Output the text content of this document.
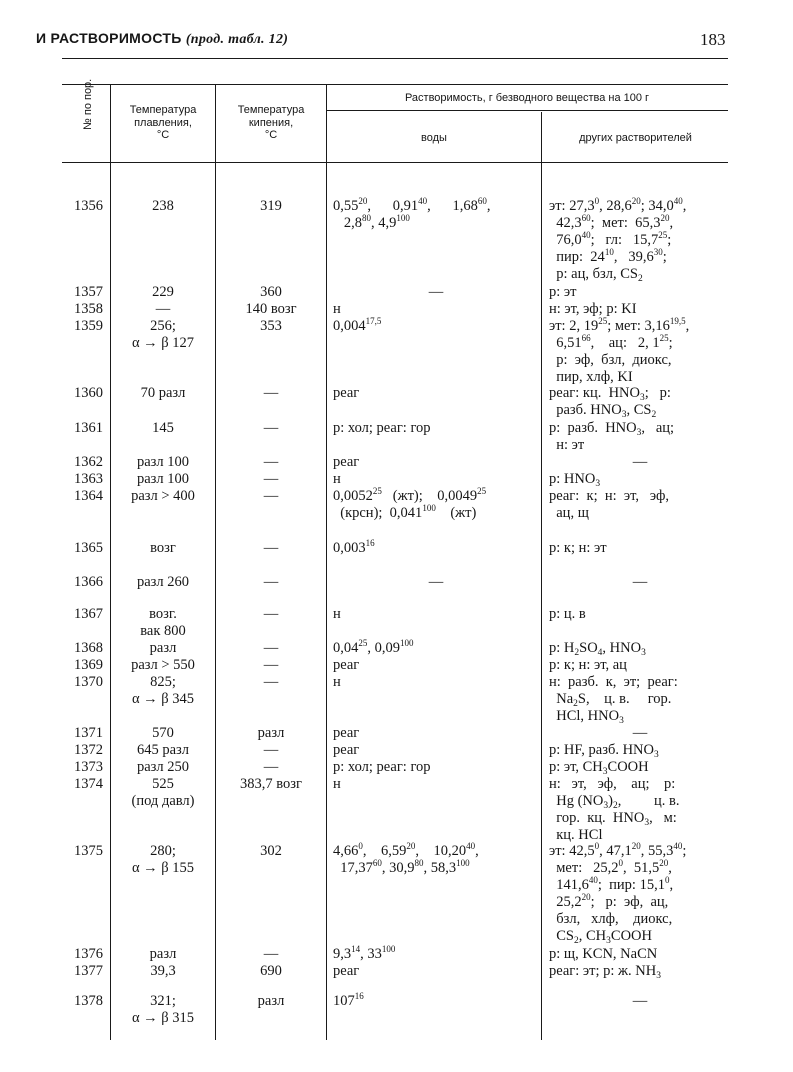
И РАСТВОРИМОСТЬ (прод. табл. 12)	183
№ по пор.	Температура
плавления,
°С
Температура
кипения,
°С
Растворимость, г безводного вещества на 100 г
воды	других растворителей
1356	238	319	0,55$^{20}$,      0,91$^{40}$,      1,68$^{60}$,
$2,8^{80}$, $4,9^{100}$
эт: 27,3$^0$, 28,6$^{20}$; 34,0$^{40}$,
42,3$^{60}$;  мет:  65,3$^{20}$,
76,0$^{40}$;   гл:   15,7$^{25}$;
пир:  $24^{10}$,   39,6$^{30}$;
р: ац, бзл, $CS_2$
1357	229	360	—	р: эт
1358	—	140 возг	н	н: эт, эф; р: KI
1359	256;
α → β 127
353	0,004$^{17,5}$	эт: 2, $19^{25}$; мет: 3,16$^{19,5}$,
6,51$^{66}$,    ац:   2, $1^{25}$;
р:  эф,  бзл,  диокс,
пир, хлф, KI
1360	70 разл	—	реаг	реаг: кц.  $HNO_3$;   р:
разб. $HNO_3$, $CS_2$
1361	145	—	р: хол; реаг: гор	р:  разб.  $HNO_3$,   ац;
н: эт
1362	разл 100	—	реаг	—
1363	разл 100	—	н	р: $HNO_3$
1364	разл > 400	—	0,0052$^{25}$   (жт);    0,0049$^{25}$
(крсн);  0,041$^{100}$    (жт)
реаг:  к;  н:  эт,   эф,
ац, щ
1365	возг	—	0,003$^{16}$	р: к; н: эт
1366	разл 260	—	—	—
1367	возг.
вак 800
—	н	р: ц. в
1368	разл	—	0,04$^{25}$, 0,09$^{100}$	р: $H_2SO_4$, $HNO_3$
1369	разл > 550	—	реаг	р: к; н: эт, ац
1370	825;
α → β 345
—	н	н:  разб.  к,  эт;  реаг:
$Na_2S$,    ц. в.     гор.
HCl, $HNO_3$
1371	570	разл	реаг	—
1372	645 разл	—	реаг	р: HF, разб. $HNO_3$
1373	разл 250	—	р: хол; реаг: гор	р: эт, $CH_3COOH$
1374	525
(под давл)
383,7 возг	н	н:   эт,   эф,    ац;    р:
Hg $(NO_3)_2$,         ц. в.
гор.  кц.  $HNO_3$,   м:
кц. HCl
1375	280;
α → β 155
302	4,66$^0$,    6,59$^{20}$,    10,20$^{40}$,
17,37$^{60}$, 30,9$^{80}$, 58,3$^{100}$
эт: 42,5$^0$, 47,1$^{20}$, 55,3$^{40}$;
мет:   25,2$^0$,  51,5$^{20}$,
141,6$^{40}$;  пир: 15,1$^0$,
25,2$^{20}$;   р:  эф,  ац,
бзл,   хлф,    диокс,
$CS_2$, $CH_3COOH$
1376	разл	—	$9,3^{14}$, $33^{100}$	р: щ, KCN, NaCN
1377	39,3	690	реаг	реаг: эт; р: ж. $NH_3$
1378	321;
α → β 315
разл	$107^{16}$	—
